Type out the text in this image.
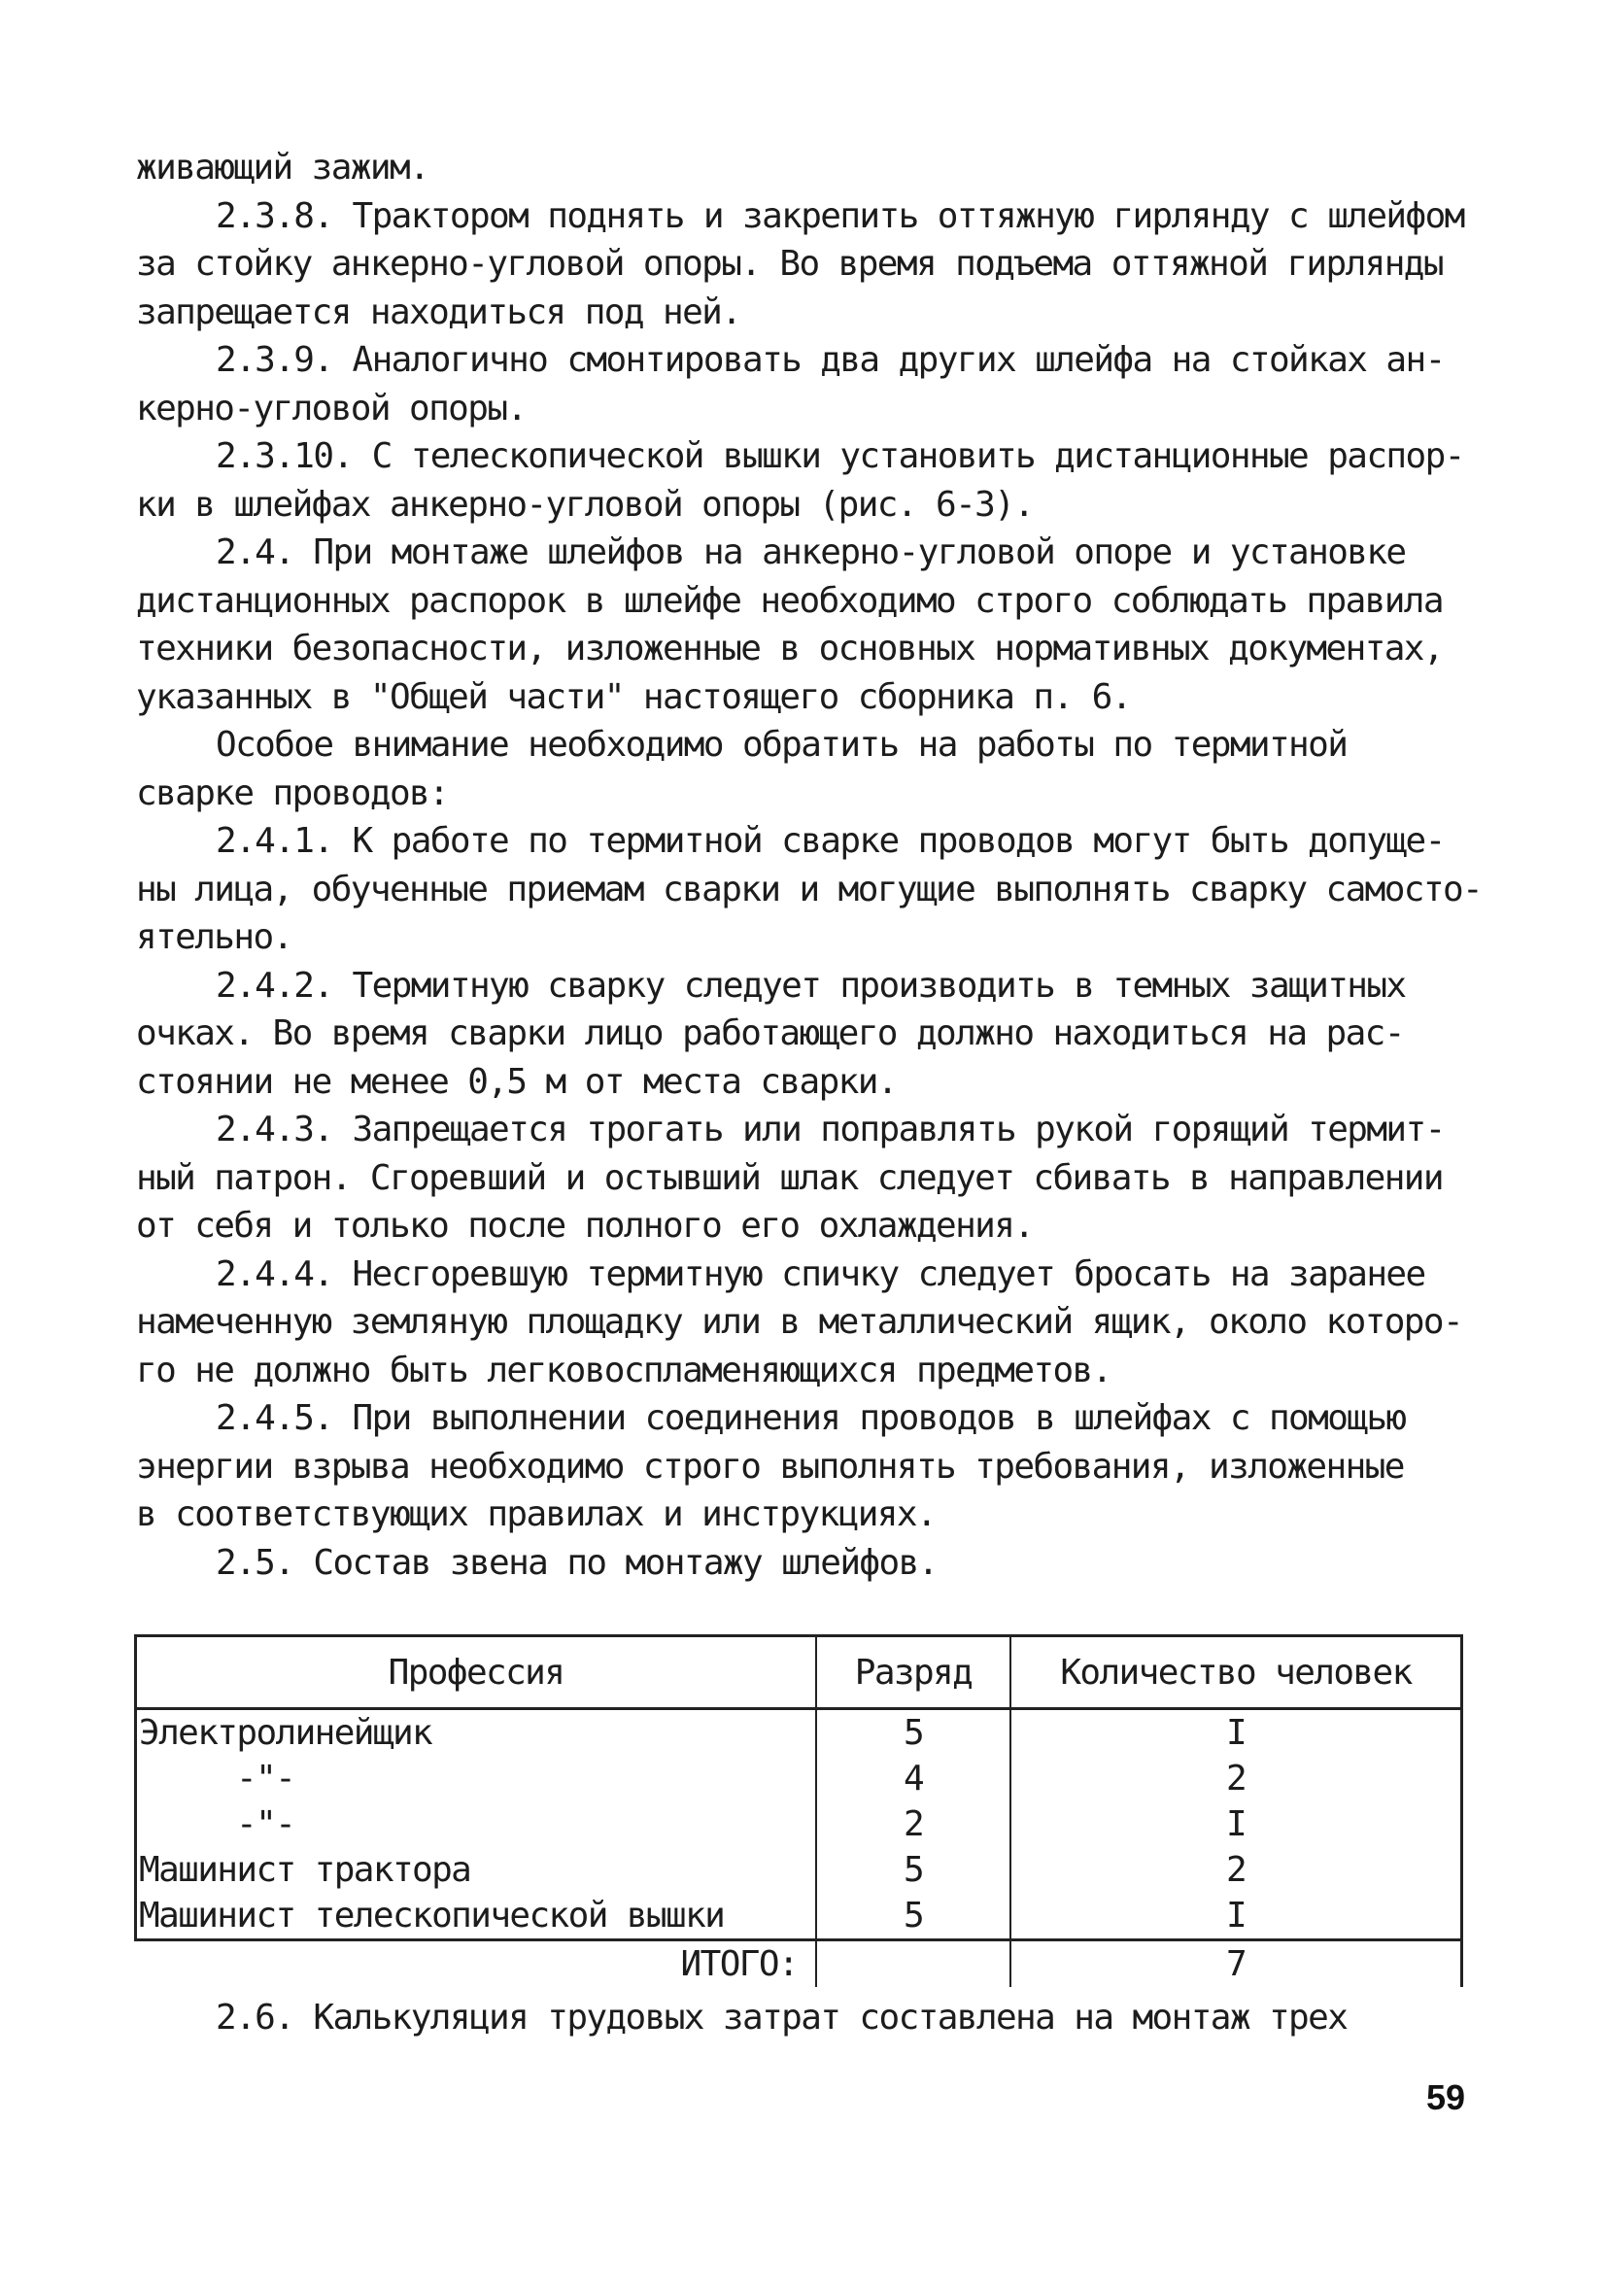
живающий зажим.
2.3.8. Трактором поднять и закрепить оттяжную гирлянду с шлейфом
за стойку анкерно-угловой опоры. Во время подъема оттяжной гирлянды
запрещается находиться под ней.
2.3.9. Аналогично смонтировать два других шлейфа на стойках ан-
керно-угловой опоры.
2.3.10. С телескопической вышки установить дистанционные распор-
ки в шлейфах анкерно-угловой опоры (рис. 6-3).
2.4. При монтаже шлейфов на анкерно-угловой опоре и установке
дистанционных распорок в шлейфе необходимо строго соблюдать правила
техники безопасности, изложенные в основных нормативных документах,
указанных в "Общей части" настоящего сборника п. 6.
Особое внимание необходимо обратить на работы по термитной
сварке проводов:
2.4.1. К работе по термитной сварке проводов могут быть допуще-
ны лица, обученные приемам сварки и могущие выполнять сварку самосто-
ятельно.
2.4.2. Термитную сварку следует производить в темных защитных
очках. Во время сварки лицо работающего должно находиться на рас-
стоянии не менее 0,5 м от места сварки.
2.4.3. Запрещается трогать или поправлять рукой горящий термит-
ный патрон. Сгоревший и остывший шлак следует сбивать в направлении
от себя и только после полного его охлаждения.
2.4.4. Несгоревшую термитную спичку следует бросать на заранее
намеченную земляную площадку или в металлический ящик, около которо-
го не должно быть легковоспламеняющихся предметов.
2.4.5. При выполнении соединения проводов в шлейфах с помощью
энергии взрыва необходимо строго выполнять требования, изложенные
в соответствующих правилах и инструкциях.
2.5. Состав звена по монтажу шлейфов.
Профессия	Разряд	Количество человек
Электролинейщик	5	I
-"-	4	2
-"-	2	I
Машинист трактора	5	2
Машинист телескопической вышки	5	I
ИТОГО:		7
2.6. Калькуляция трудовых затрат составлена на монтаж трех
59
